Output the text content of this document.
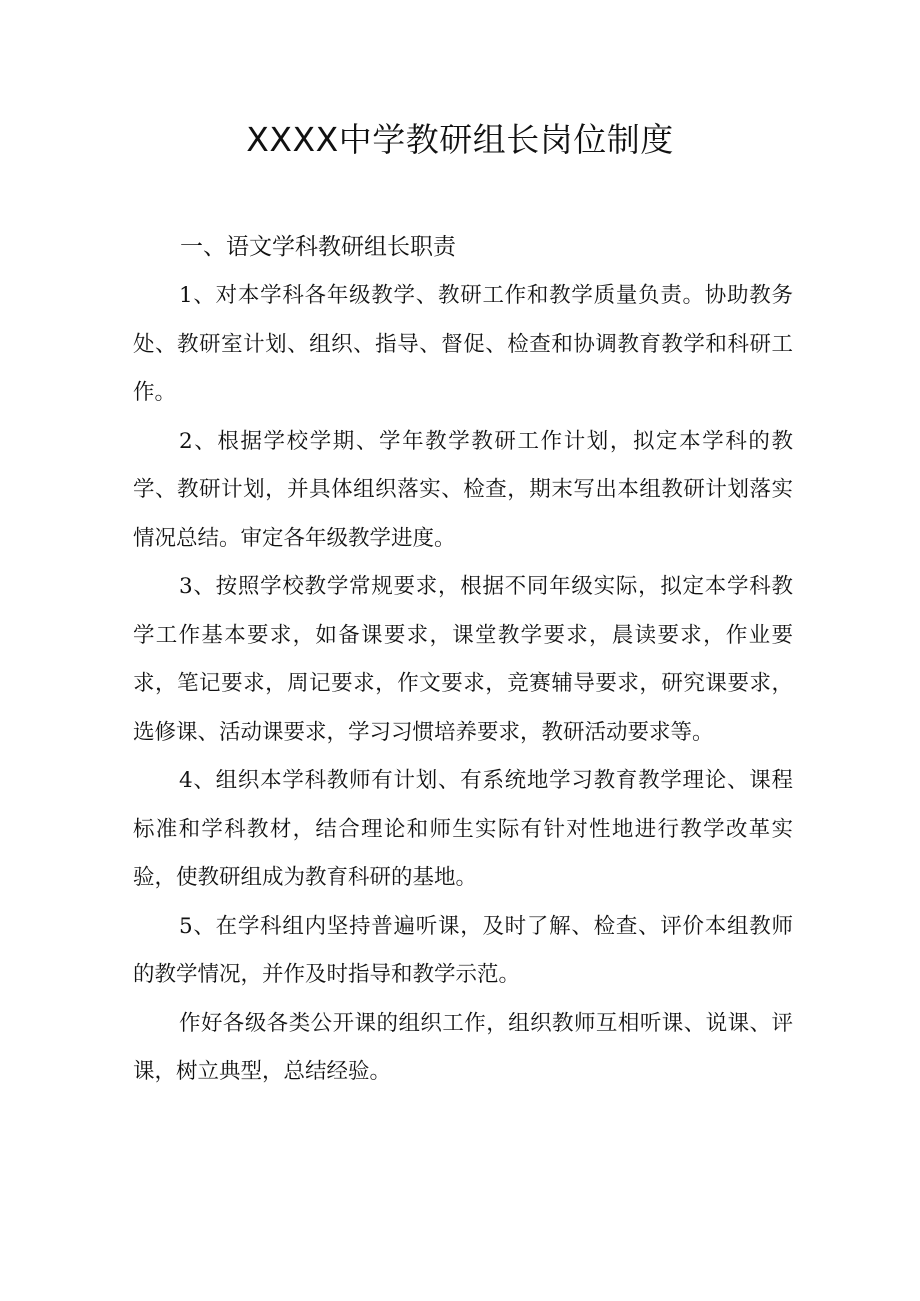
XXXX中学教研组长岗位制度
一、语文学科教研组长职责

1、对本学科各年级教学、教研工作和教学质量负责。协助教务处、教研室计划、组织、指导、督促、检查和协调教育教学和科研工作。

2、根据学校学期、学年教学教研工作计划，拟定本学科的教学、教研计划，并具体组织落实、检查，期末写出本组教研计划落实情况总结。审定各年级教学进度。

3、按照学校教学常规要求，根据不同年级实际，拟定本学科教学工作基本要求，如备课要求，课堂教学要求，晨读要求，作业要求，笔记要求，周记要求，作文要求，竞赛辅导要求，研究课要求，选修课、活动课要求，学习习惯培养要求，教研活动要求等。

4、组织本学科教师有计划、有系统地学习教育教学理论、课程标准和学科教材，结合理论和师生实际有针对性地进行教学改革实验，使教研组成为教育科研的基地。

5、在学科组内坚持普遍听课，及时了解、检查、评价本组教师的教学情况，并作及时指导和教学示范。

作好各级各类公开课的组织工作，组织教师互相听课、说课、评课，树立典型，总结经验。
